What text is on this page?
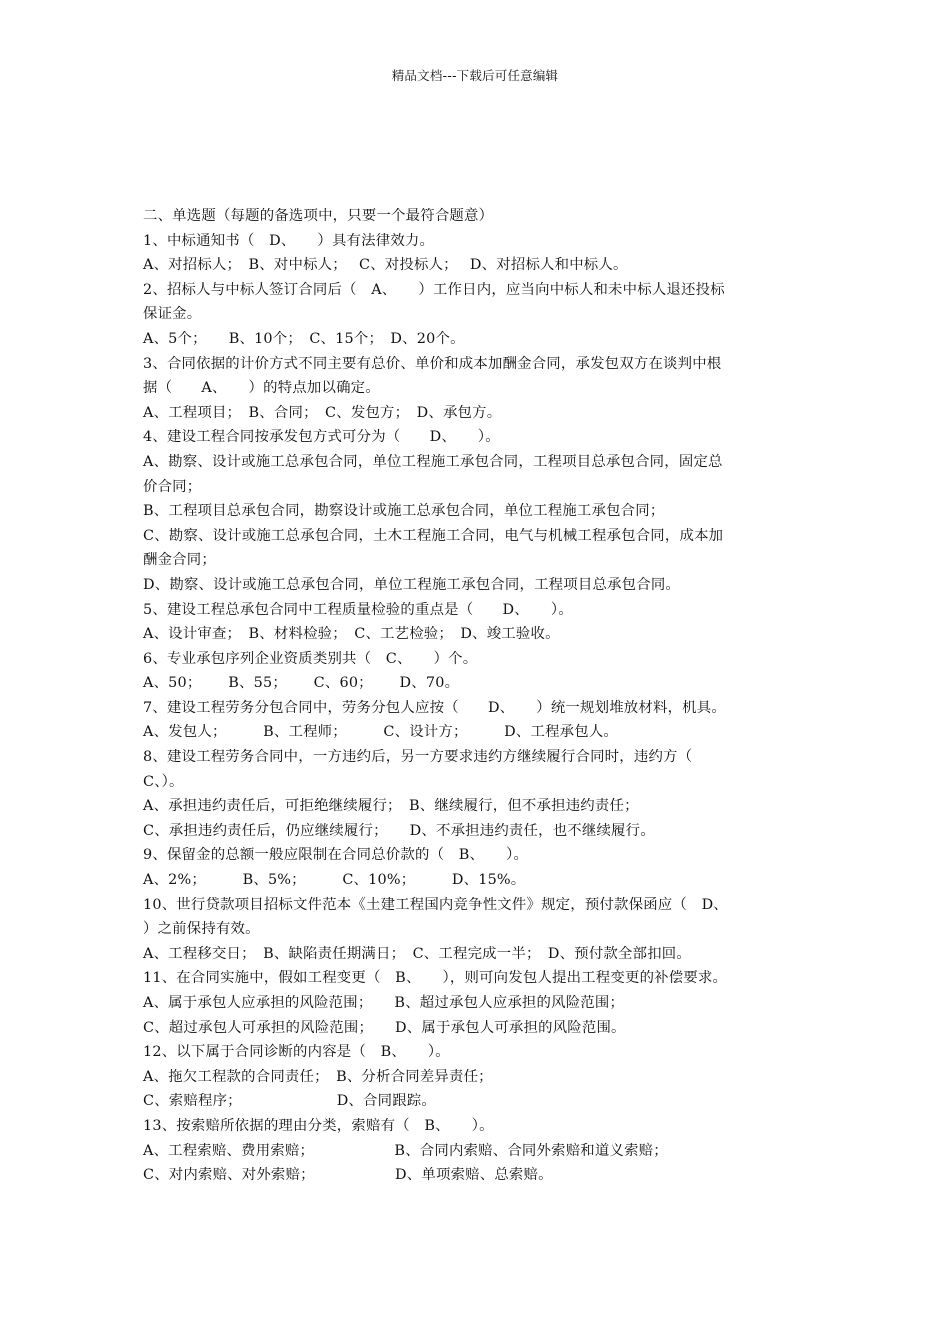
精品文档---下载后可任意编辑
二、单选题（每题的备选项中，只要一个最符合题意）
1、中标通知书（　D、　　）具有法律效力。
A、对招标人；　B、对中标人；　 C、对投标人；　 D、对招标人和中标人。
2、招标人与中标人签订合同后（　A、　　）工作日内，应当向中标人和未中标人退还投标
保证金。
A、5个；　　B、10个；　C、15个；　D、20个。
3、合同依据的计价方式不同主要有总价、单价和成本加酬金合同，承发包双方在谈判中根
据（　　A、　　）的特点加以确定。
A、工程项目；　B、合同；　C、发包方；　D、承包方。
4、建设工程合同按承发包方式可分为（　　D、　　）。
A、勘察、设计或施工总承包合同，单位工程施工承包合同，工程项目总承包合同，固定总
价合同；
B、工程项目总承包合同，勘察设计或施工总承包合同，单位工程施工承包合同；
C、勘察、设计或施工总承包合同，土木工程施工合同，电气与机械工程承包合同，成本加
酬金合同；
D、勘察、设计或施工总承包合同，单位工程施工承包合同，工程项目总承包合同。
5、建设工程总承包合同中工程质量检验的重点是（　　D、　　）。
A、设计审查；　B、材料检验；　C、工艺检验；　D、竣工验收。
6、专业承包序列企业资质类别共（　C、　　）个。
A、50；　　 B、55；　　 C、60；　　 D、70。
7、建设工程劳务分包合同中，劳务分包人应按（　　D、　　）统一规划堆放材料，机具。
A、发包人；　　　B、工程师；　　　C、设计方；　　　D、工程承包人。
8、建设工程劳务合同中，一方违约后，另一方要求违约方继续履行合同时，违约方（
C、）。
A、承担违约责任后，可拒绝继续履行；　B、继续履行，但不承担违约责任；
C、承担违约责任后，仍应继续履行；　　D、不承担违约责任，也不继续履行。
9、保留金的总额一般应限制在合同总价款的（　B、　　）。
A、2%；　　　B、5%；　　　C、10%；　　　D、15%。
10、世行贷款项目招标文件范本《土建工程国内竞争性文件》规定，预付款保函应（　D、
）之前保持有效。
A、工程移交日；　B、缺陷责任期满日；　C、工程完成一半；　D、预付款全部扣回。
11、在合同实施中，假如工程变更（　B、　　），则可向发包人提出工程变更的补偿要求。
A、属于承包人应承担的风险范围；　　B、超过承包人应承担的风险范围；
C、超过承包人可承担的风险范围；　　D、属于承包人可承担的风险范围。
12、以下属于合同诊断的内容是（　B、　　）。
A、拖欠工程款的合同责任；　B、分析合同差异责任；
C、索赔程序；　　　　　　　D、合同跟踪。
13、按索赔所依据的理由分类，索赔有（　B、　　）。
A、工程索赔、费用索赔；　　　　　　B、合同内索赔、合同外索赔和道义索赔；
C、对内索赔、对外索赔；　　　　　　D、单项索赔、总索赔。
